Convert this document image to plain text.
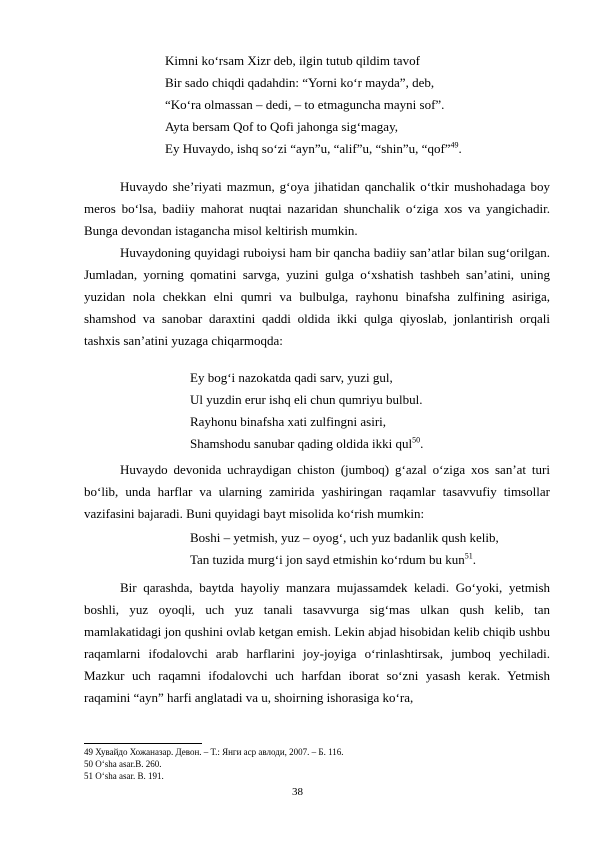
Kimni ko‘rsam Xizr deb, ilgin tutub qildim tavof
Bir sado chiqdi qadahdin: “Yorni ko‘r mayda”, deb,
“Ko‘ra olmassan – dedi, – to etmaguncha mayni sof”.
Ayta bersam Qof to Qofi jahonga sig‘magay,
Ey Huvaydo, ishq so‘zi “ayn”u, “alif”u, “shin”u, “qof”$^{49}$.

Huvaydo she’riyati mazmun, g‘oya jihatidan qanchalik o‘tkir mushohadaga boy meros bo‘lsa, badiiy mahorat nuqtai nazaridan shunchalik o‘ziga xos va yangichadir. Bunga devondan istagancha misol keltirish mumkin.

Huvaydoning quyidagi ruboiysi ham bir qancha badiiy san’atlar bilan sug‘orilgan. Jumladan, yorning qomatini sarvga, yuzini gulga o‘xshatish tashbeh san’atini, uning yuzidan nola chekkan elni qumri va bulbulga, rayhonu binafsha zulfining asiriga, shamshod va sanobar daraxtini qaddi oldida ikki qulga qiyoslab, jonlantirish orqali tashxis san’atini yuzaga chiqarmoqda:

Ey bog‘i nazokatda qadi sarv, yuzi gul,
Ul yuzdin erur ishq eli chun qumriyu bulbul.
Rayhonu binafsha xati zulfingni asiri,
Shamshodu sanubar qading oldida ikki qul$^{50}$.

Huvaydo devonida uchraydigan chiston (jumboq) g‘azal o‘ziga xos san’at turi bo‘lib, unda harflar va ularning zamirida yashiringan raqamlar tasavvufiy timsollar vazifasini bajaradi. Buni quyidagi bayt misolida ko‘rish mumkin:

Boshi – yetmish, yuz – oyog‘, uch yuz badanlik qush kelib,
Tan tuzida murg‘i jon sayd etmishin ko‘rdum bu kun$^{51}$.

Bir qarashda, baytda hayoliy manzara mujassamdek keladi. Go‘yoki, yetmish boshli, yuz oyoqli, uch yuz tanali tasavvurga sig‘mas ulkan qush kelib, tan mamlakatidagi jon qushini ovlab ketgan emish. Lekin abjad hisobidan kelib chiqib ushbu raqamlarni ifodalovchi arab harflarini joy-joyiga o‘rinlashtirsak, jumboq yechiladi. Mazkur uch raqamni ifodalovchi uch harfdan iborat so‘zni yasash kerak. Yetmish raqamini “ayn” harfi anglatadi va u, shoirning ishorasiga ko‘ra,

49 Хувайдо Хожаназар. Девон. – Т.: Янги аср авлоди, 2007. – Б. 116.
50 O‘sha asar.B. 260.
51 O‘sha asar. B. 191.
38
